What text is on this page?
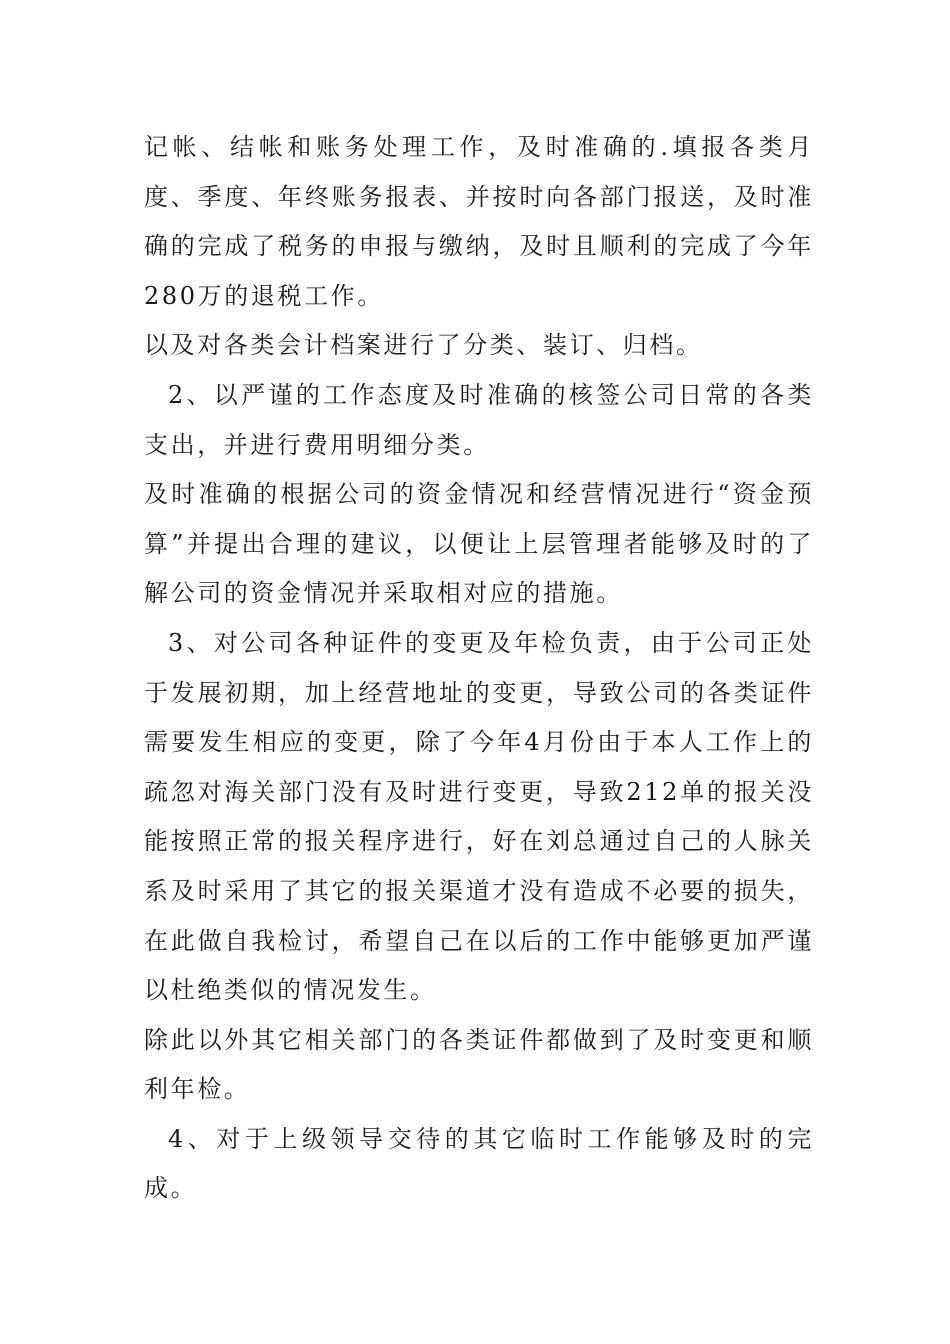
记帐、结帐和账务处理工作，及时准确的.填报各类月度、季度、年终账务报表、并按时向各部门报送，及时准确的完成了税务的申报与缴纳，及时且顺利的完成了今年280万的退税工作。

以及对各类会计档案进行了分类、装订、归档。

2、以严谨的工作态度及时准确的核签公司日常的各类支出，并进行费用明细分类。

及时准确的根据公司的资金情况和经营情况进行“资金预算”并提出合理的建议，以便让上层管理者能够及时的了解公司的资金情况并采取相对应的措施。

3、对公司各种证件的变更及年检负责，由于公司正处于发展初期，加上经营地址的变更，导致公司的各类证件需要发生相应的变更，除了今年4月份由于本人工作上的疏忽对海关部门没有及时进行变更，导致212单的报关没能按照正常的报关程序进行，好在刘总通过自己的人脉关系及时采用了其它的报关渠道才没有造成不必要的损失，在此做自我检讨，希望自己在以后的工作中能够更加严谨以杜绝类似的情况发生。

除此以外其它相关部门的各类证件都做到了及时变更和顺利年检。

4、对于上级领导交待的其它临时工作能够及时的完成。
